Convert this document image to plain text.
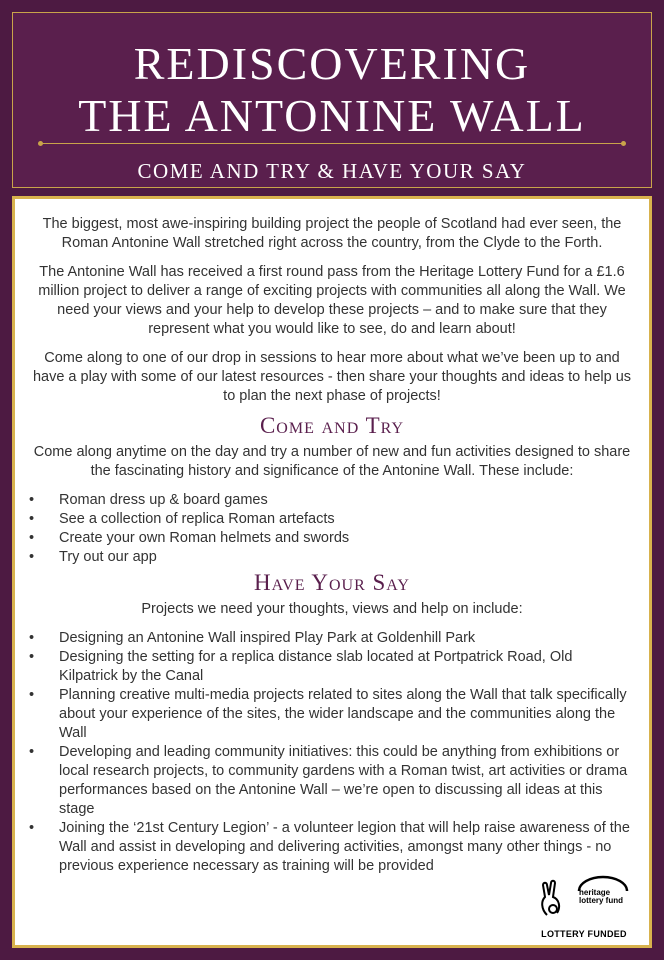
REDISCOVERING
THE ANTONINE WALL
COME AND TRY & HAVE YOUR SAY

The biggest, most awe-inspiring building project the people of Scotland had ever seen, the Roman Antonine Wall stretched right across the country, from the Clyde to the Forth.

The Antonine Wall has received a first round pass from the Heritage Lottery Fund for a £1.6 million project to deliver a range of exciting projects with communities all along the Wall. We need your views and your help to develop these projects – and to make sure that they represent what you would like to see, do and learn about!

Come along to one of our drop in sessions to hear more about what we’ve been up to and have a play with some of our latest resources - then share your thoughts and ideas to help us to plan the next phase of projects!

Come and Try

Come along anytime on the day and try a number of new and fun activities designed to share the fascinating history and significance of the Antonine Wall. These include:

• Roman dress up & board games
• See a collection of replica Roman artefacts
• Create your own Roman helmets and swords
• Try out our app
Have Your Say

Projects we need your thoughts, views and help on include:

• Designing an Antonine Wall inspired Play Park at Goldenhill Park
• Designing the setting for a replica distance slab located at Portpatrick Road, Old Kilpatrick by the Canal
• Planning creative multi-media projects related to sites along the Wall that talk specifically about your experience of the sites, the wider landscape and the communities along the Wall
• Developing and leading community initiatives: this could be anything from exhibitions or local research projects, to community gardens with a Roman twist, art activities or drama performances based on the Antonine Wall – we’re open to discussing all ideas at this stage
• Joining the ‘21st Century Legion’ - a volunteer legion that will help raise awareness of the Wall and assist in developing and delivering activities, amongst many other things - no previous experience necessary as training will be provided
heritage
lottery fund
LOTTERY FUNDED
